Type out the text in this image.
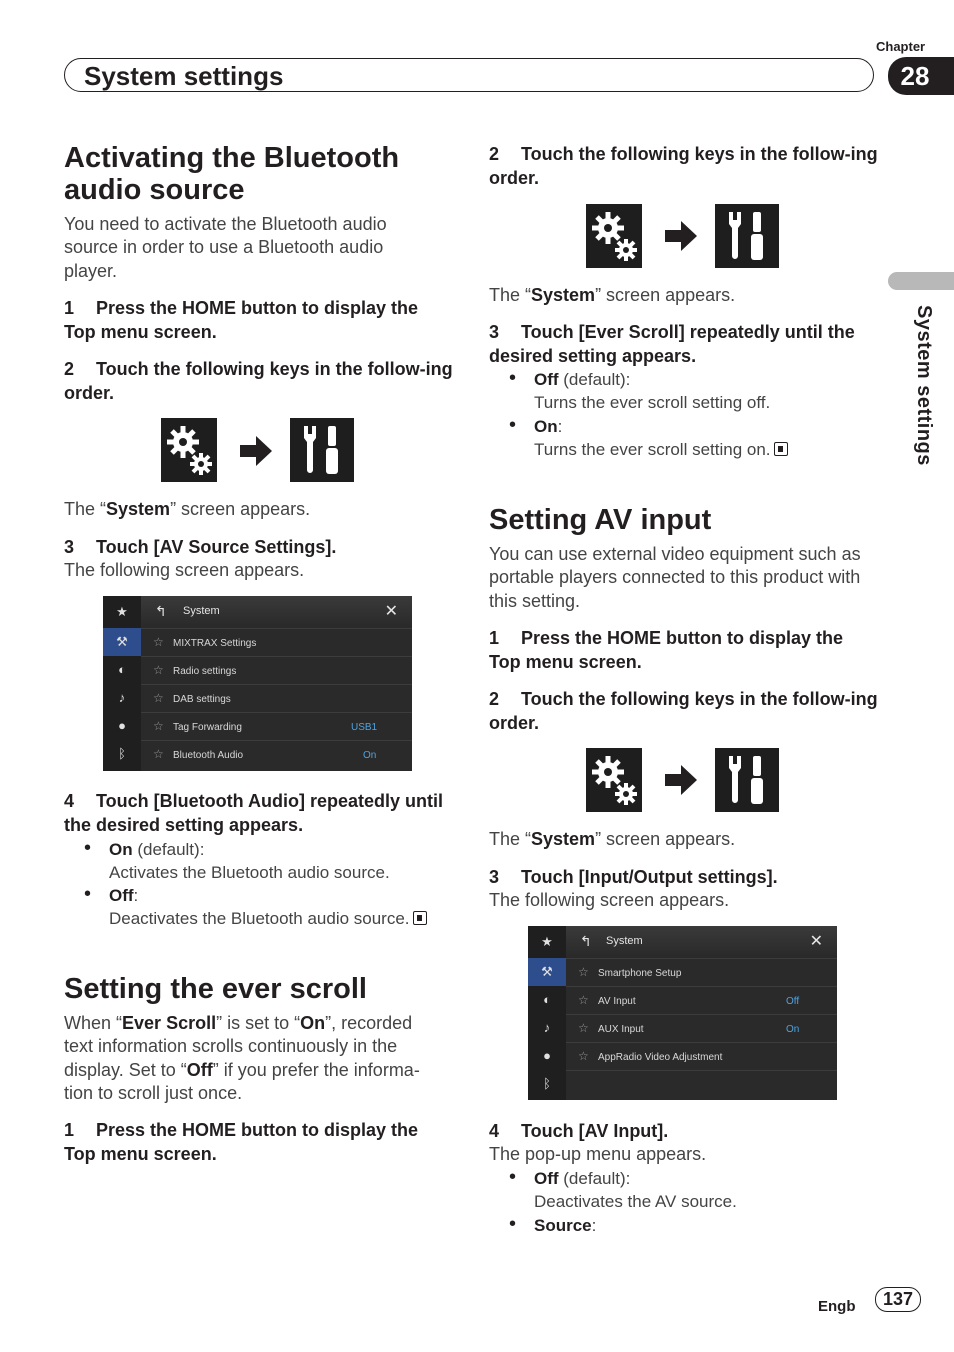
System settings
Chapter
28
System settings
Activating the Bluetooth audio source
You need to activate the Bluetooth audio source in order to use a Bluetooth audio player.
1 Press the HOME button to display the Top menu screen.
2 Touch the following keys in the follow-ing order.
The “System” screen appears.
3 Touch [AV Source Settings].
The following screen appears.
★
⚒
◐
♪
●
ᛒ
↰ System	✕
☆ MIXTRAX Settings
☆ Radio settings
☆ DAB settings
☆ Tag Forwarding	USB1
☆ Bluetooth Audio	On
4 Touch [Bluetooth Audio] repeatedly until the desired setting appears.
• On (default):
Activates the Bluetooth audio source.
• Off:
Deactivates the Bluetooth audio source.
Setting the ever scroll
When “Ever Scroll” is set to “On”, recorded text information scrolls continuously in the display. Set to “Off” if you prefer the informa-tion to scroll just once.
1 Press the HOME button to display the Top menu screen.
2 Touch the following keys in the follow-ing order.
The “System” screen appears.
3 Touch [Ever Scroll] repeatedly until the desired setting appears.
• Off (default):
Turns the ever scroll setting off.
• On:
Turns the ever scroll setting on.
Setting AV input
You can use external video equipment such as portable players connected to this product with this setting.
1 Press the HOME button to display the Top menu screen.
2 Touch the following keys in the follow-ing order.
The “System” screen appears.
3 Touch [Input/Output settings].
The following screen appears.
★
⚒
◐
♪
●
ᛒ
↰ System	✕
☆ Smartphone Setup
☆ AV Input	Off
☆ AUX Input	On
☆ AppRadio Video Adjustment
4 Touch [AV Input].
The pop-up menu appears.
• Off (default):
Deactivates the AV source.
• Source:
Engb	137
